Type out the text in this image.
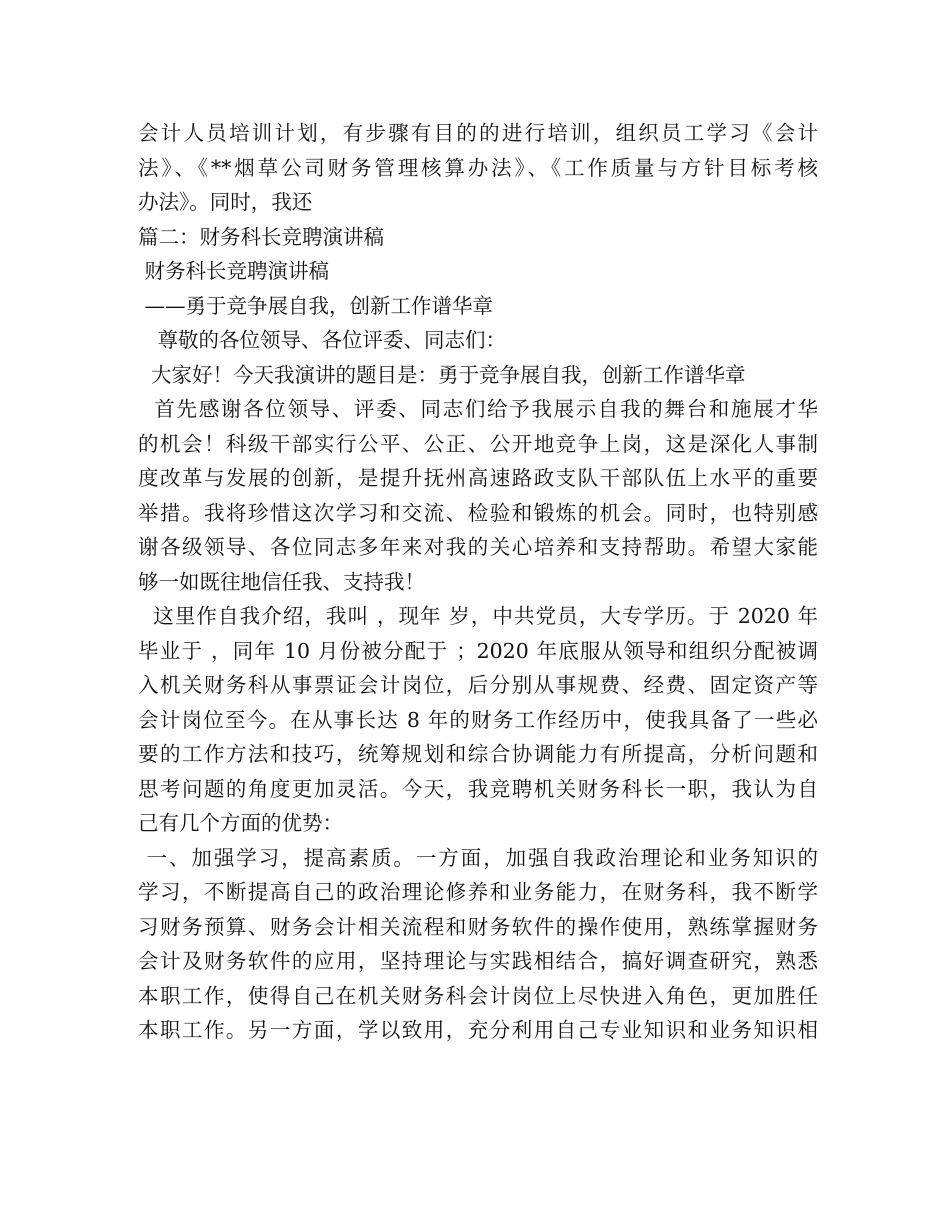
会计人员培训计划，有步骤有目的的进行培训，组织员工学习《会计
法》、《**烟草公司财务管理核算办法》、《工作质量与方针目标考核
办法》。同时，我还
篇二：财务科长竞聘演讲稿
财务科长竞聘演讲稿
——勇于竞争展自我，创新工作谱华章
尊敬的各位领导、各位评委、同志们：
大家好！今天我演讲的题目是：勇于竞争展自我，创新工作谱华章
首先感谢各位领导、评委、同志们给予我展示自我的舞台和施展才华
的机会！科级干部实行公平、公正、公开地竞争上岗，这是深化人事制
度改革与发展的创新，是提升抚州高速路政支队干部队伍上水平的重要
举措。我将珍惜这次学习和交流、检验和锻炼的机会。同时，也特别感
谢各级领导、各位同志多年来对我的关心培养和支持帮助。希望大家能
够一如既往地信任我、支持我！
这里作自我介绍，我叫 ，现年 岁，中共党员，大专学历。于 2020 年
毕业于 ，同年 10 月份被分配于 ；2020 年底服从领导和组织分配被调
入机关财务科从事票证会计岗位，后分别从事规费、经费、固定资产等
会计岗位至今。在从事长达 8 年的财务工作经历中，使我具备了一些必
要的工作方法和技巧，统筹规划和综合协调能力有所提高，分析问题和
思考问题的角度更加灵活。今天，我竞聘机关财务科长一职，我认为自
己有几个方面的优势：
一、加强学习，提高素质。一方面，加强自我政治理论和业务知识的
学习，不断提高自己的政治理论修养和业务能力，在财务科，我不断学
习财务预算、财务会计相关流程和财务软件的操作使用，熟练掌握财务
会计及财务软件的应用，坚持理论与实践相结合，搞好调查研究，熟悉
本职工作，使得自己在机关财务科会计岗位上尽快进入角色，更加胜任
本职工作。另一方面，学以致用，充分利用自己专业知识和业务知识相
